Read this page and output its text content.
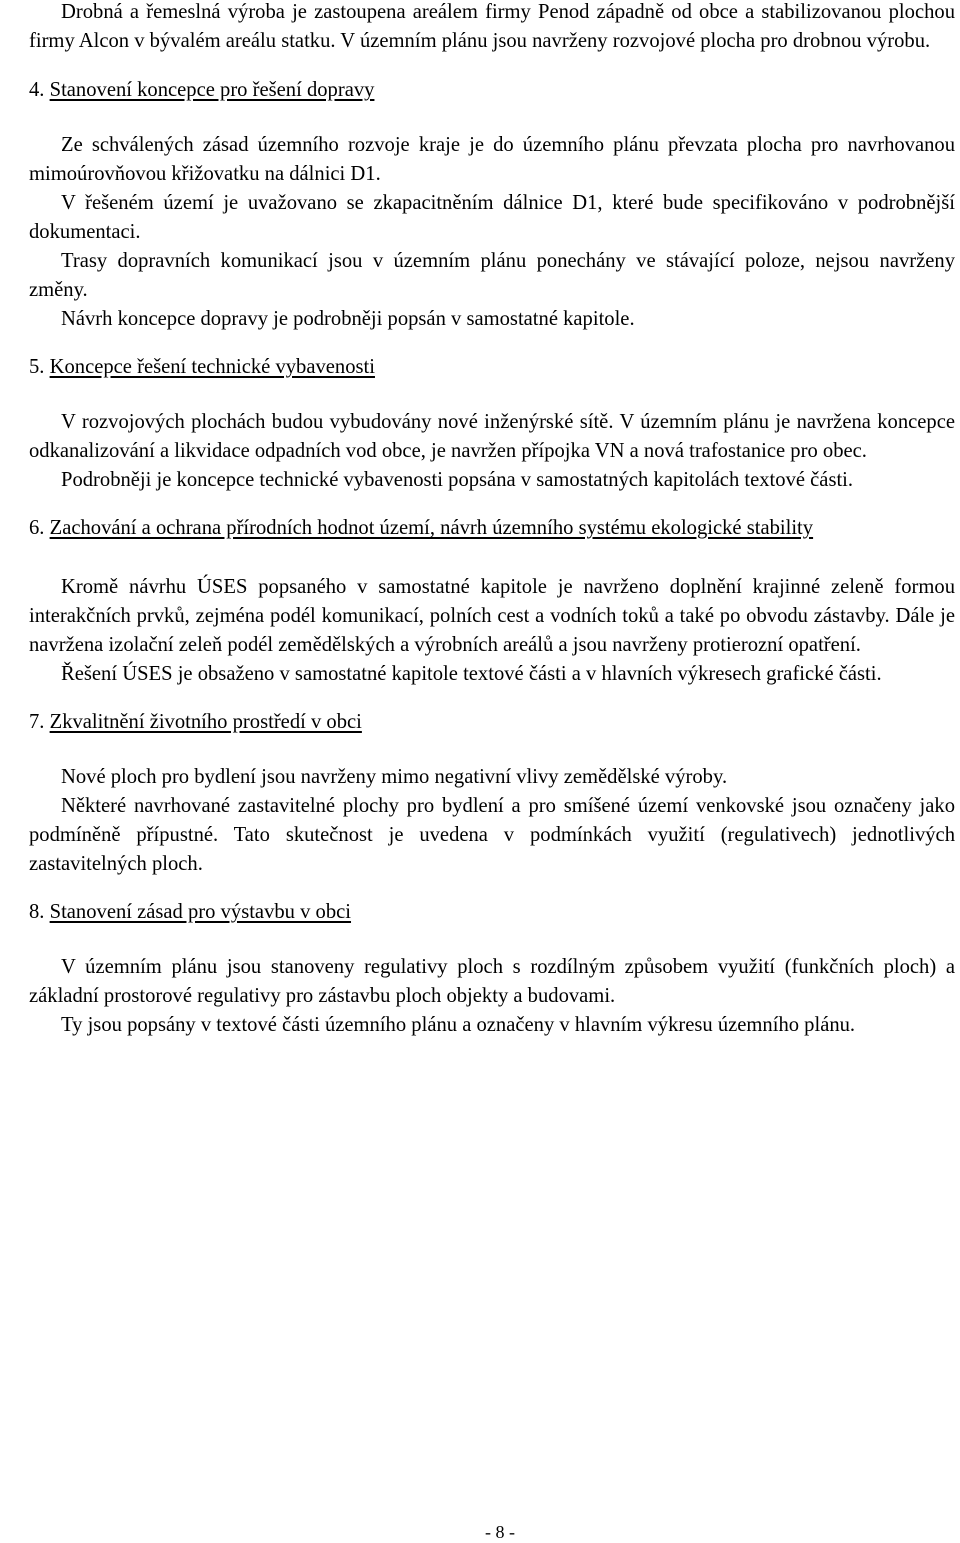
Drobná a řemeslná výroba je zastoupena areálem firmy Penod západně od obce a stabilizovanou plochou firmy Alcon v bývalém areálu statku. V územním plánu jsou navrženy rozvojové plocha pro drobnou výrobu.

4. Stanovení koncepce pro řešení dopravy

Ze schválených zásad územního rozvoje kraje je do územního plánu převzata plocha pro navrhovanou mimoúrovňovou křižovatku na dálnici D1.

V řešeném území je uvažovano se zkapacitněním dálnice D1, které bude specifikováno v podrobnější dokumentaci.

Trasy dopravních komunikací jsou v územním plánu ponechány ve stávající poloze, nejsou navrženy změny.

Návrh koncepce dopravy je podrobněji popsán v samostatné kapitole.

5. Koncepce řešení technické vybavenosti

V rozvojových plochách budou vybudovány nové inženýrské sítě. V územním plánu je navržena koncepce odkanalizování a likvidace odpadních vod obce, je navržen přípojka VN a nová trafostanice pro obec.

Podrobněji je koncepce technické vybavenosti popsána v samostatných kapitolách textové části.

6. Zachování a ochrana přírodních hodnot území, návrh územního systému ekologické stability

Kromě návrhu ÚSES popsaného v samostatné kapitole je navrženo doplnění krajinné zeleně formou interakčních prvků, zejména podél komunikací, polních cest a vodních toků a také po obvodu zástavby. Dále je navržena izolační zeleň podél zemědělských a výrobních areálů a jsou navrženy protierozní opatření.

Řešení ÚSES je obsaženo v samostatné kapitole textové části a v hlavních výkresech grafické části.

7. Zkvalitnění životního prostředí v obci

Nové ploch pro bydlení jsou navrženy mimo negativní vlivy zemědělské výroby.

Některé navrhované zastavitelné plochy pro bydlení a pro smíšené území venkovské jsou označeny jako podmíněně přípustné. Tato skutečnost je uvedena v podmínkách využití (regulativech) jednotlivých zastavitelných ploch.

8. Stanovení zásad pro výstavbu v obci

V územním plánu jsou stanoveny regulativy ploch s rozdílným způsobem využití (funkčních ploch) a základní prostorové regulativy pro zástavbu ploch objekty a budovami.

Ty jsou popsány v textové části územního plánu a označeny v hlavním výkresu územního plánu.

- 8 -
